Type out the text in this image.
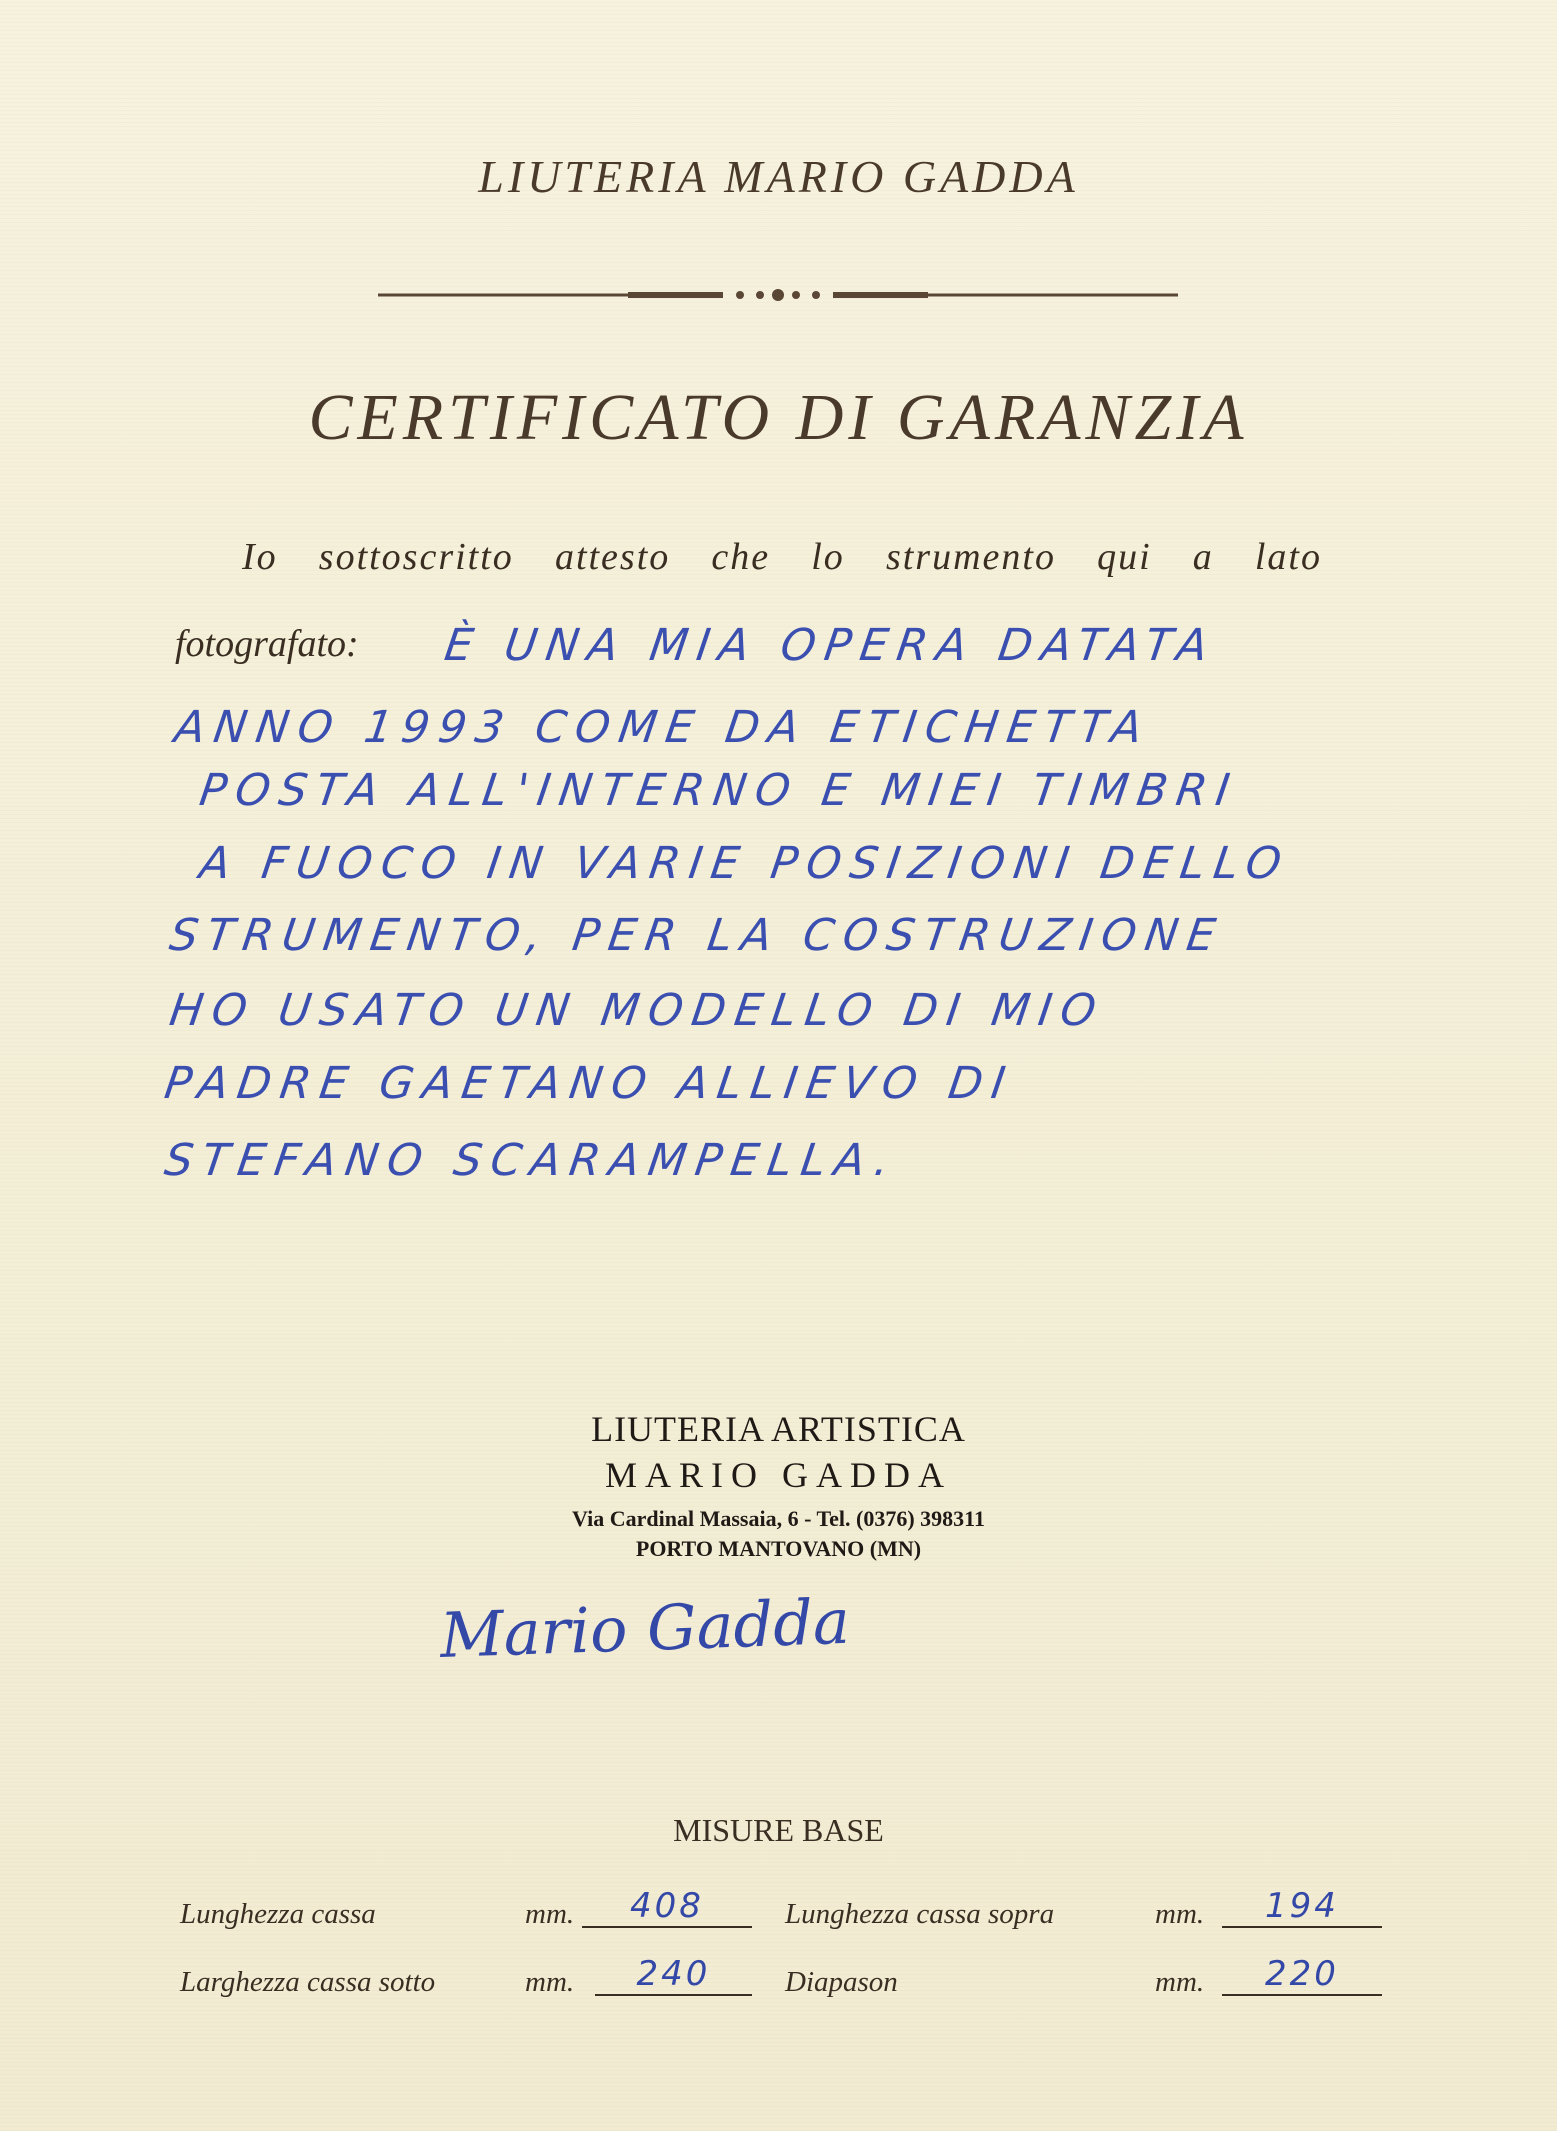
LIUTERIA MARIO GADDA
CERTIFICATO DI GARANZIA
Io sottoscritto attesto che lo strumento qui a lato
fotografato: È UNA MIA OPERA DATATA
ANNO 1993 COME DA ETICHETTA
POSTA ALL'INTERNO E MIEI TIMBRI
A FUOCO IN VARIE POSIZIONI DELLO
STRUMENTO, PER LA COSTRUZIONE
HO USATO UN MODELLO DI MIO
PADRE GAETANO ALLIEVO DI
STEFANO SCARAMPELLA.
LIUTERIA ARTISTICA
MARIO GADDA
Via Cardinal Massaia, 6 - Tel. (0376) 398311
PORTO MANTOVANO (MN)
Mario Gadda
MISURE BASE
Lunghezza cassa	mm.	408	Lunghezza cassa sopra	mm.	194
Larghezza cassa sotto	mm.	240	Diapason	mm.	220
